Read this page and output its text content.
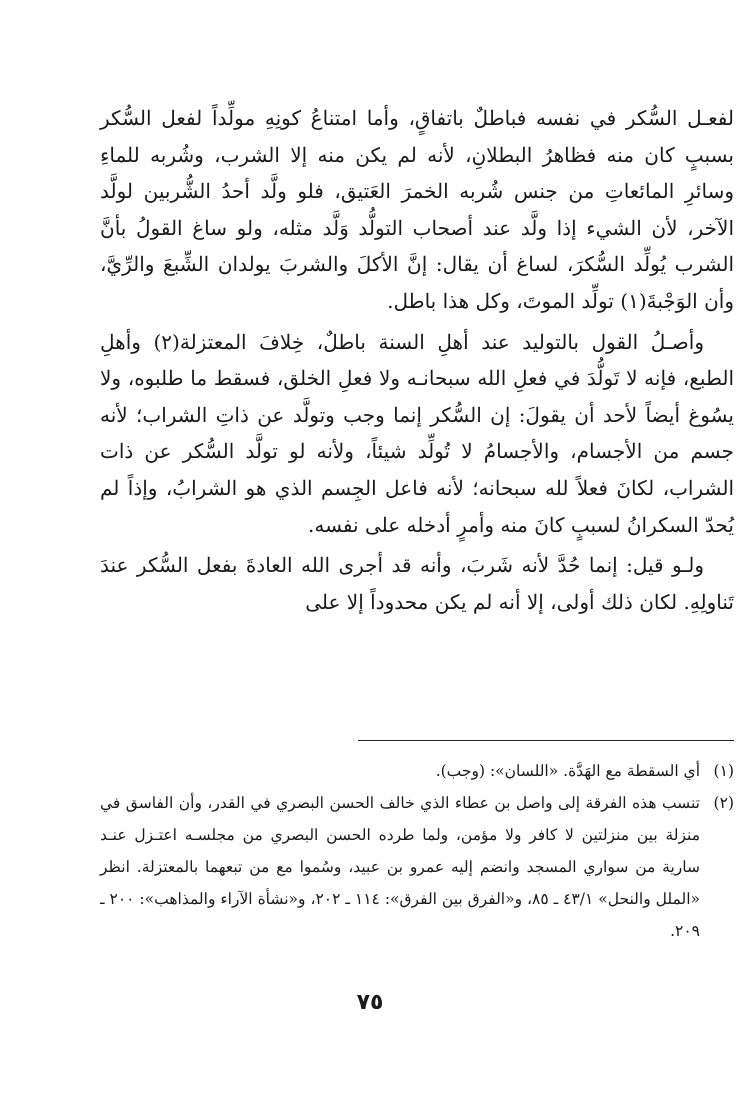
لفعـل السُّكر في نفسه فباطلٌ باتفاقٍ، وأما امتناعُ كونِهِ مولِّداً لفعل السُّكر بسببٍ كان منه فظاهرُ البطلانِ، لأنه لم يكن منه إلا الشرب، وشُربه للماءِ وسائرِ المائعاتِ من جنس شُربه الخمرَ العَتيق، فلو ولَّد أحدُ الشُّربين لولَّد الآخر، لأن الشيء إذا ولَّد عند أصحاب التولُّد وَلَّد مثله، ولو ساغ القولُ بأنَّ الشرب يُولِّد السُّكرَ، لساغ أن يقال: إنَّ الأكلَ والشربَ يولدان الشِّبعَ والرِّيَّ، وأن الوَجْبةَ(١) تولِّد الموتَ، وكل هذا باطل.

وأصـلُ القول بالتوليد عند أهلِ السنة باطلٌ، خِلافَ المعتزلة(٢) وأهلِ الطبع، فإنه لا تَولُّدَ في فعلِ الله سبحانـه ولا فعلِ الخلق، فسقط ما طلبوه، ولا يسُوغ أيضاً لأحد أن يقولَ: إن السُّكر إنما وجب وتولَّد عن ذاتِ الشراب؛ لأنه جسم من الأجسام، والأجسامُ لا تُولِّد شيئاً، ولأنه لو تولَّد السُّكر عن ذات الشراب، لكانَ فعلاً لله سبحانه؛ لأنه فاعل الجِسم الذي هو الشرابُ، وإذاً لم يُحدّ السكرانُ لسببٍ كانَ منه وأمرٍ أدخله على نفسه.

ولـو قيل: إنما حُدَّ لأنه شَربَ، وأنه قد أجرى الله العادةَ بفعل السُّكر عندَ تَناولِهِ. لكان ذلك أولى، إلا أنه لم يكن محدوداً إلا على

(١)
أي السقطة مع الهَدَّة. «اللسان»: (وجب).
(٢)
تنسب هذه الفرقة إلى واصل بن عطاء الذي خالف الحسن البصري في القدر، وأن الفاسق في منزلة بين منزلتين لا كافر ولا مؤمن، ولما طرده الحسن البصري من مجلسـه اعتـزل عنـد سارية من سواري المسجد وانضم إليه عمرو بن عبيد، وسُموا مع من تبعهما بالمعتزلة. انظر «الملل والنحل» ٤٣/١ ـ ٨٥، و«الفرق بين الفرق»: ١١٤ ـ ٢٠٢، و«نشأة الآراء والمذاهب»: ٢٠٠ ـ ٢٠٩.
٧٥
